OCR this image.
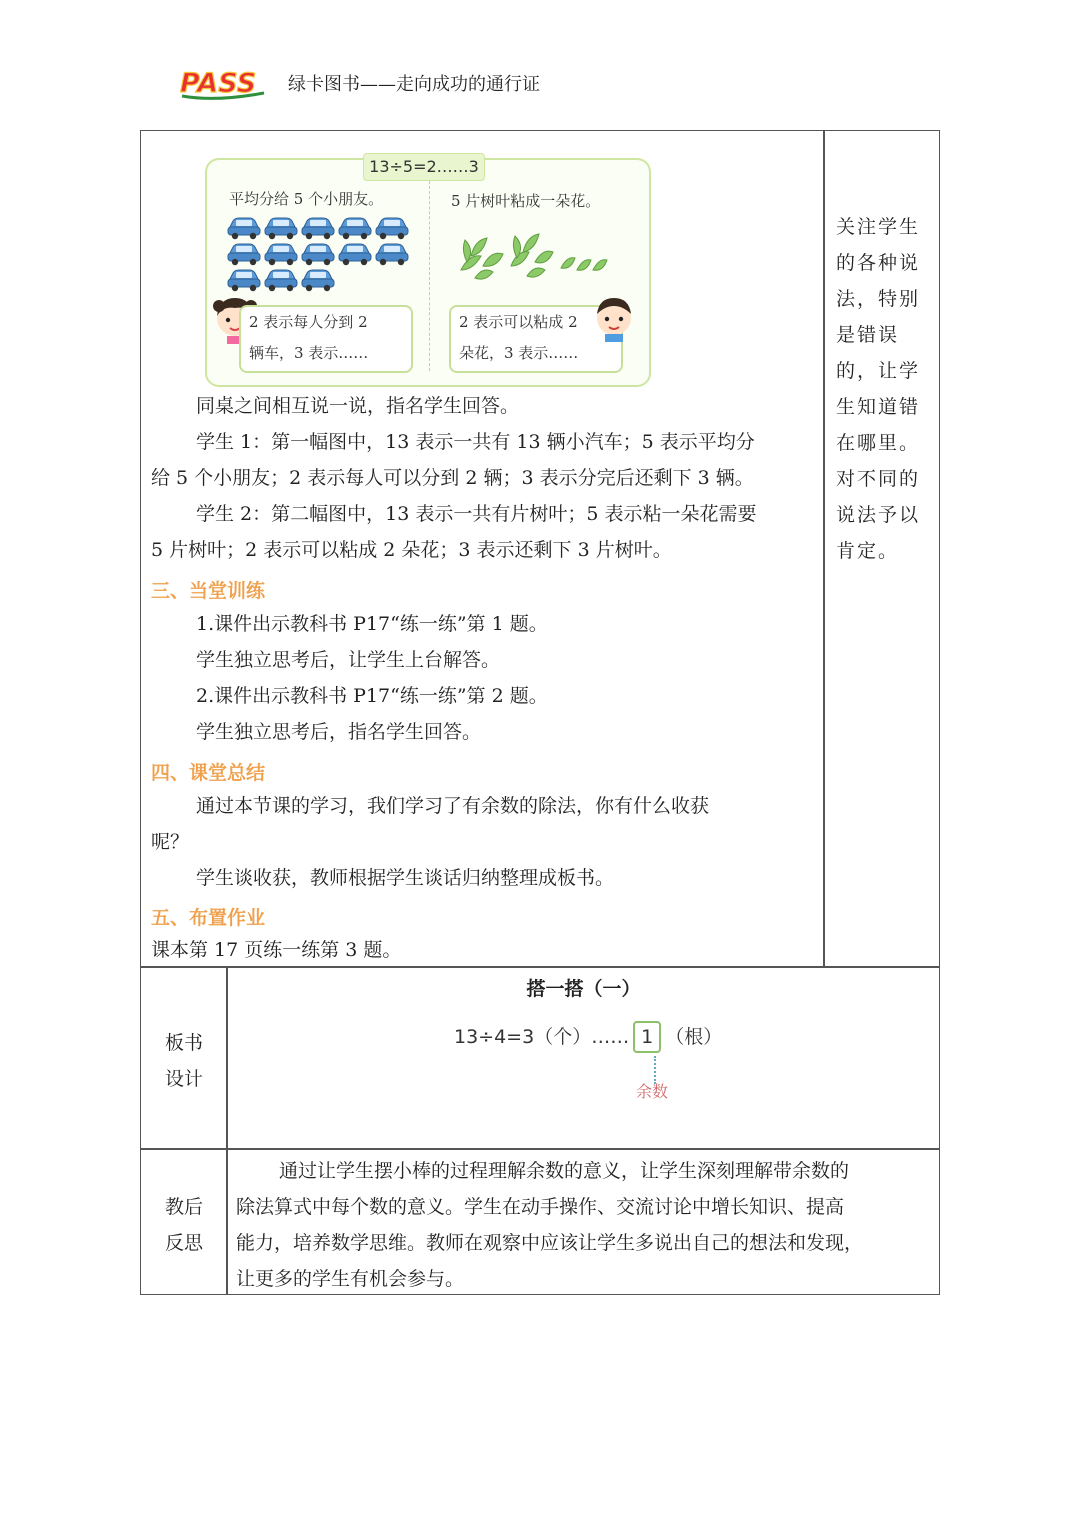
PASS 绿卡图书——走向成功的通行证
平均分给 5 个小朋友。	5 片树叶粘成一朵花。
2 表示每人分到 2
辆车，3 表示……
2 表示可以粘成 2
朵花，3 表示……
13÷5=2……3
同桌之间相互说一说，指名学生回答。
学生 1：第一幅图中，13 表示一共有 13 辆小汽车；5 表示平均分
给 5 个小朋友；2 表示每人可以分到 2 辆；3 表示分完后还剩下 3 辆。
学生 2：第二幅图中，13 表示一共有片树叶；5 表示粘一朵花需要
5 片树叶；2 表示可以粘成 2 朵花；3 表示还剩下 3 片树叶。
三、当堂训练
1.课件出示教科书 P17“练一练”第 1 题。
学生独立思考后，让学生上台解答。
2.课件出示教科书 P17“练一练”第 2 题。
学生独立思考后，指名学生回答。
四、课堂总结
通过本节课的学习，我们学习了有余数的除法，你有什么收获
呢？
学生谈收获，教师根据学生谈话归纳整理成板书。
五、布置作业
课本第 17 页练一练第 3 题。
关注学生
的各种说
法，特别
是错误
的，让学
生知道错
在哪里。
对不同的
说法予以
肯定。
板书
设计
搭一搭（一）
13÷4=3（个）…… 1 （根）
余数
教后
反思
通过让学生摆小棒的过程理解余数的意义，让学生深刻理解带余数的
除法算式中每个数的意义。学生在动手操作、交流讨论中增长知识、提高
能力，培养数学思维。教师在观察中应该让学生多说出自己的想法和发现，
让更多的学生有机会参与。
